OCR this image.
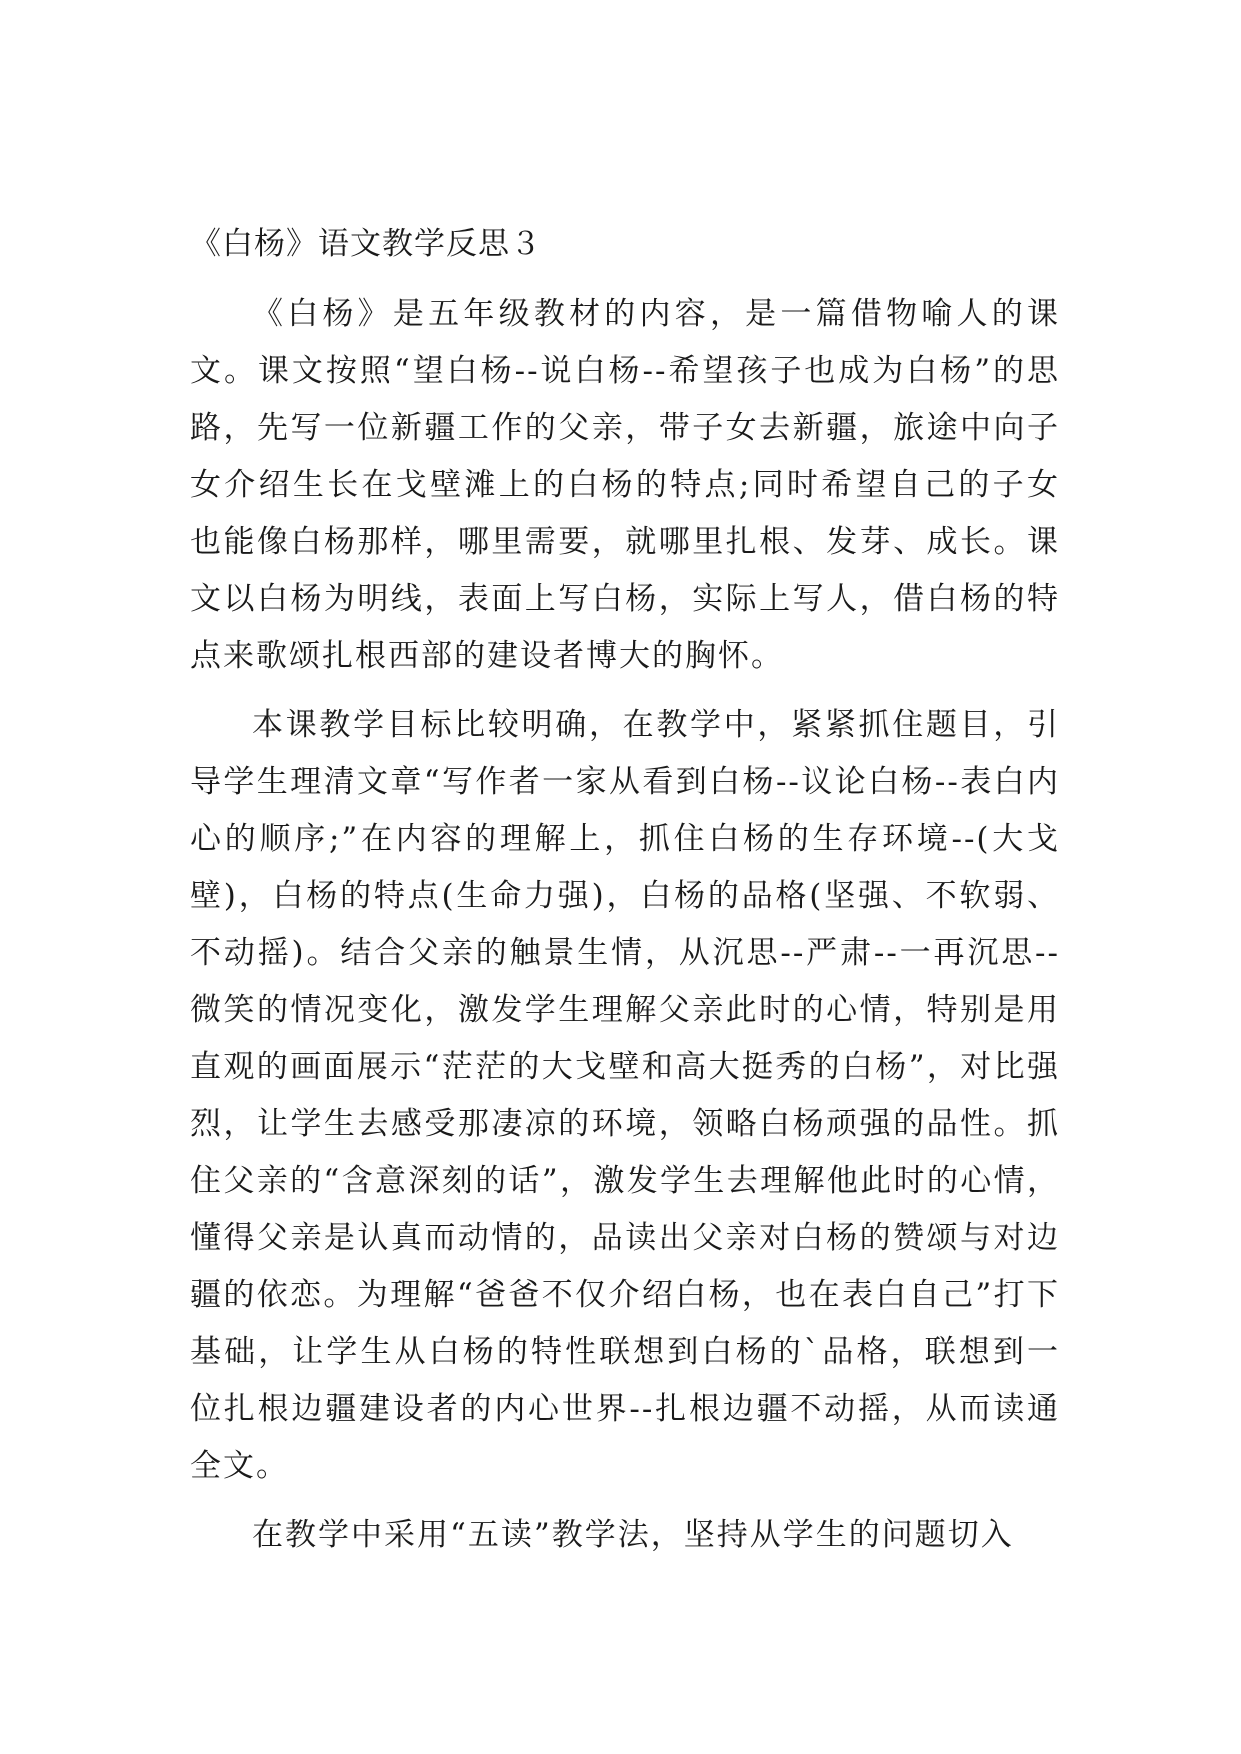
《白杨》语文教学反思３

《白杨》是五年级教材的内容，是一篇借物喻人的课文。课文按照“望白杨--说白杨--希望孩子也成为白杨”的思路，先写一位新疆工作的父亲，带子女去新疆，旅途中向子女介绍生长在戈壁滩上的白杨的特点;同时希望自己的子女也能像白杨那样，哪里需要，就哪里扎根、发芽、成长。课文以白杨为明线，表面上写白杨，实际上写人，借白杨的特点来歌颂扎根西部的建设者博大的胸怀。

本课教学目标比较明确，在教学中，紧紧抓住题目，引导学生理清文章“写作者一家从看到白杨--议论白杨--表白内心的顺序;”在内容的理解上，抓住白杨的生存环境--(大戈壁)，白杨的特点(生命力强)，白杨的品格(坚强、不软弱、不动摇)。结合父亲的触景生情，从沉思--严肃--一再沉思--微笑的情况变化，激发学生理解父亲此时的心情，特别是用直观的画面展示“茫茫的大戈壁和高大挺秀的白杨”，对比强烈，让学生去感受那凄凉的环境，领略白杨顽强的品性。抓住父亲的“含意深刻的话”，激发学生去理解他此时的心情，懂得父亲是认真而动情的，品读出父亲对白杨的赞颂与对边疆的依恋。为理解“爸爸不仅介绍白杨，也在表白自己”打下基础，让学生从白杨的特性联想到白杨的`品格，联想到一位扎根边疆建设者的内心世界--扎根边疆不动摇，从而读通全文。

在教学中采用“五读”教学法，坚持从学生的问题切入
